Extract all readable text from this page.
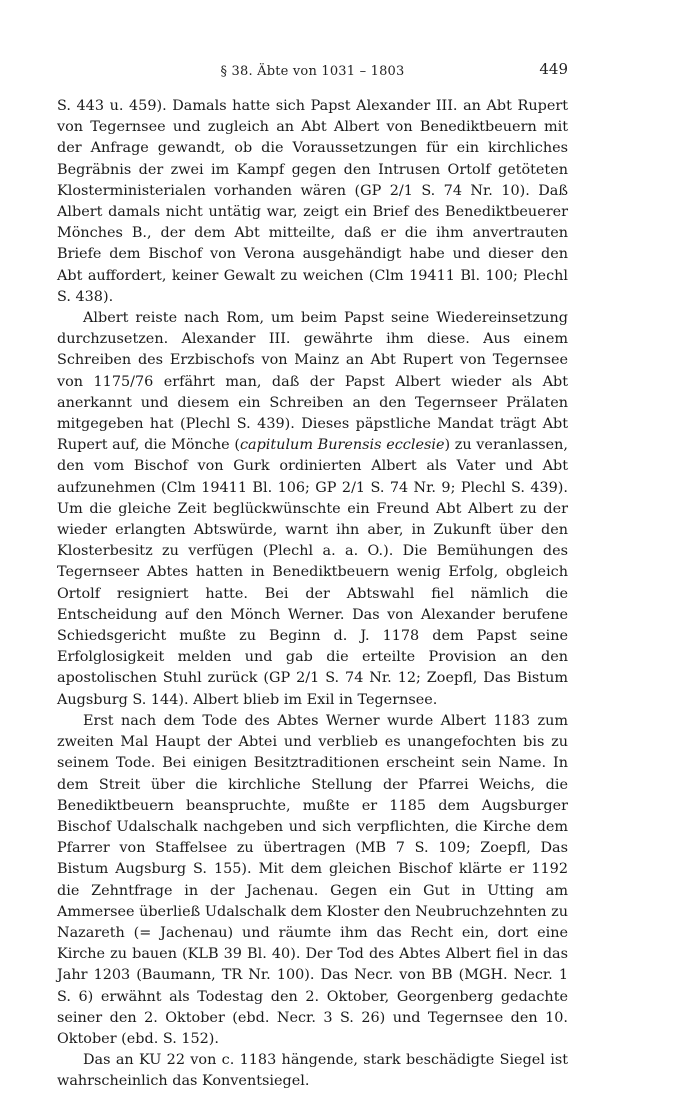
§ 38. Äbte von 1031 – 1803	449

S. 443 u. 459). Damals hatte sich Papst Alexander III. an Abt Rupert von Tegernsee und zugleich an Abt Albert von Benediktbeuern mit der Anfrage gewandt, ob die Voraussetzungen für ein kirchliches Begräbnis der zwei im Kampf gegen den Intrusen Ortolf getöteten Klosterministerialen vorhanden wären (GP 2/1 S. 74 Nr. 10). Daß Albert damals nicht untätig war, zeigt ein Brief des Benediktbeuerer Mönches B., der dem Abt mitteilte, daß er die ihm anvertrauten Briefe dem Bischof von Verona ausgehändigt habe und dieser den Abt auffordert, keiner Gewalt zu weichen (Clm 19411 Bl. 100; Plechl S. 438).

Albert reiste nach Rom, um beim Papst seine Wiedereinsetzung durchzusetzen. Alexander III. gewährte ihm diese. Aus einem Schreiben des Erzbischofs von Mainz an Abt Rupert von Tegernsee von 1175/76 erfährt man, daß der Papst Albert wieder als Abt anerkannt und diesem ein Schreiben an den Tegernseer Prälaten mitgegeben hat (Plechl S. 439). Dieses päpstliche Mandat trägt Abt Rupert auf, die Mönche (capitulum Burensis ecclesie) zu veranlassen, den vom Bischof von Gurk ordinierten Albert als Vater und Abt aufzunehmen (Clm 19411 Bl. 106; GP 2/1 S. 74 Nr. 9; Plechl S. 439). Um die gleiche Zeit beglückwünschte ein Freund Abt Albert zu der wieder erlangten Abtswürde, warnt ihn aber, in Zukunft über den Klosterbesitz zu verfügen (Plechl a. a. O.). Die Bemühungen des Tegernseer Abtes hatten in Benediktbeuern wenig Erfolg, obgleich Ortolf resigniert hatte. Bei der Abtswahl fiel nämlich die Entscheidung auf den Mönch Werner. Das von Alexander berufene Schiedsgericht mußte zu Beginn d. J. 1178 dem Papst seine Erfolglosigkeit melden und gab die erteilte Provision an den apostolischen Stuhl zurück (GP 2/1 S. 74 Nr. 12; Zoepfl, Das Bistum Augsburg S. 144). Albert blieb im Exil in Tegernsee.

Erst nach dem Tode des Abtes Werner wurde Albert 1183 zum zweiten Mal Haupt der Abtei und verblieb es unangefochten bis zu seinem Tode. Bei einigen Besitztraditionen erscheint sein Name. In dem Streit über die kirchliche Stellung der Pfarrei Weichs, die Benediktbeuern beanspruchte, mußte er 1185 dem Augsburger Bischof Udalschalk nachgeben und sich verpflichten, die Kirche dem Pfarrer von Staffelsee zu übertragen (MB 7 S. 109; Zoepfl, Das Bistum Augsburg S. 155). Mit dem gleichen Bischof klärte er 1192 die Zehntfrage in der Jachenau. Gegen ein Gut in Utting am Ammersee überließ Udalschalk dem Kloster den Neubruchzehnten zu Nazareth (= Jachenau) und räumte ihm das Recht ein, dort eine Kirche zu bauen (KLB 39 Bl. 40). Der Tod des Abtes Albert fiel in das Jahr 1203 (Baumann, TR Nr. 100). Das Necr. von BB (MGH. Necr. 1 S. 6) erwähnt als Todestag den 2. Oktober, Georgenberg gedachte seiner den 2. Oktober (ebd. Necr. 3 S. 26) und Tegernsee den 10. Oktober (ebd. S. 152).

Das an KU 22 von c. 1183 hängende, stark beschädigte Siegel ist wahrscheinlich das Konventsiegel.
